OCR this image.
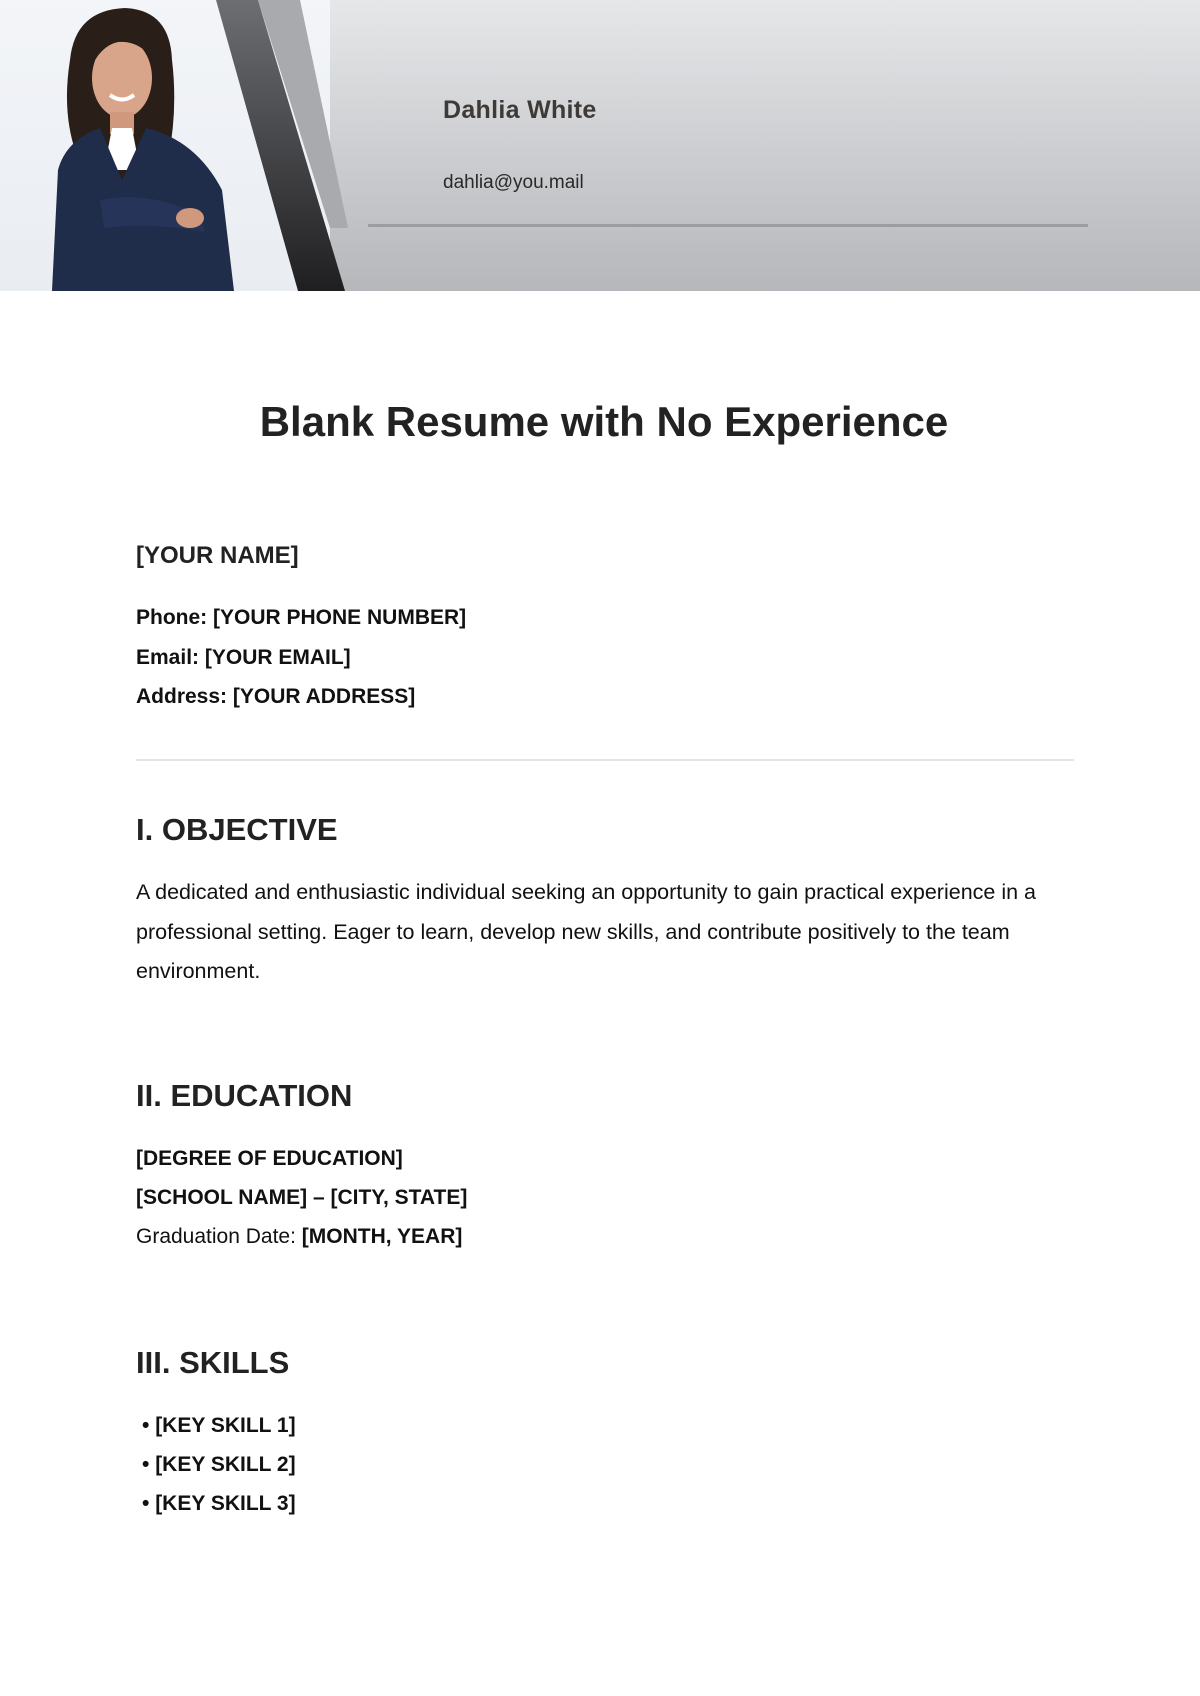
Dahlia White
dahlia@you.mail
Blank Resume with No Experience
[YOUR NAME]
Phone: [YOUR PHONE NUMBER]
Email: [YOUR EMAIL]
Address: [YOUR ADDRESS]
I. OBJECTIVE
A dedicated and enthusiastic individual seeking an opportunity to gain practical experience in a professional setting. Eager to learn, develop new skills, and contribute positively to the team environment.
II. EDUCATION
[DEGREE OF EDUCATION]
[SCHOOL NAME] – [CITY, STATE]
Graduation Date: [MONTH, YEAR]
III. SKILLS
• [KEY SKILL 1]
• [KEY SKILL 2]
• [KEY SKILL 3]
